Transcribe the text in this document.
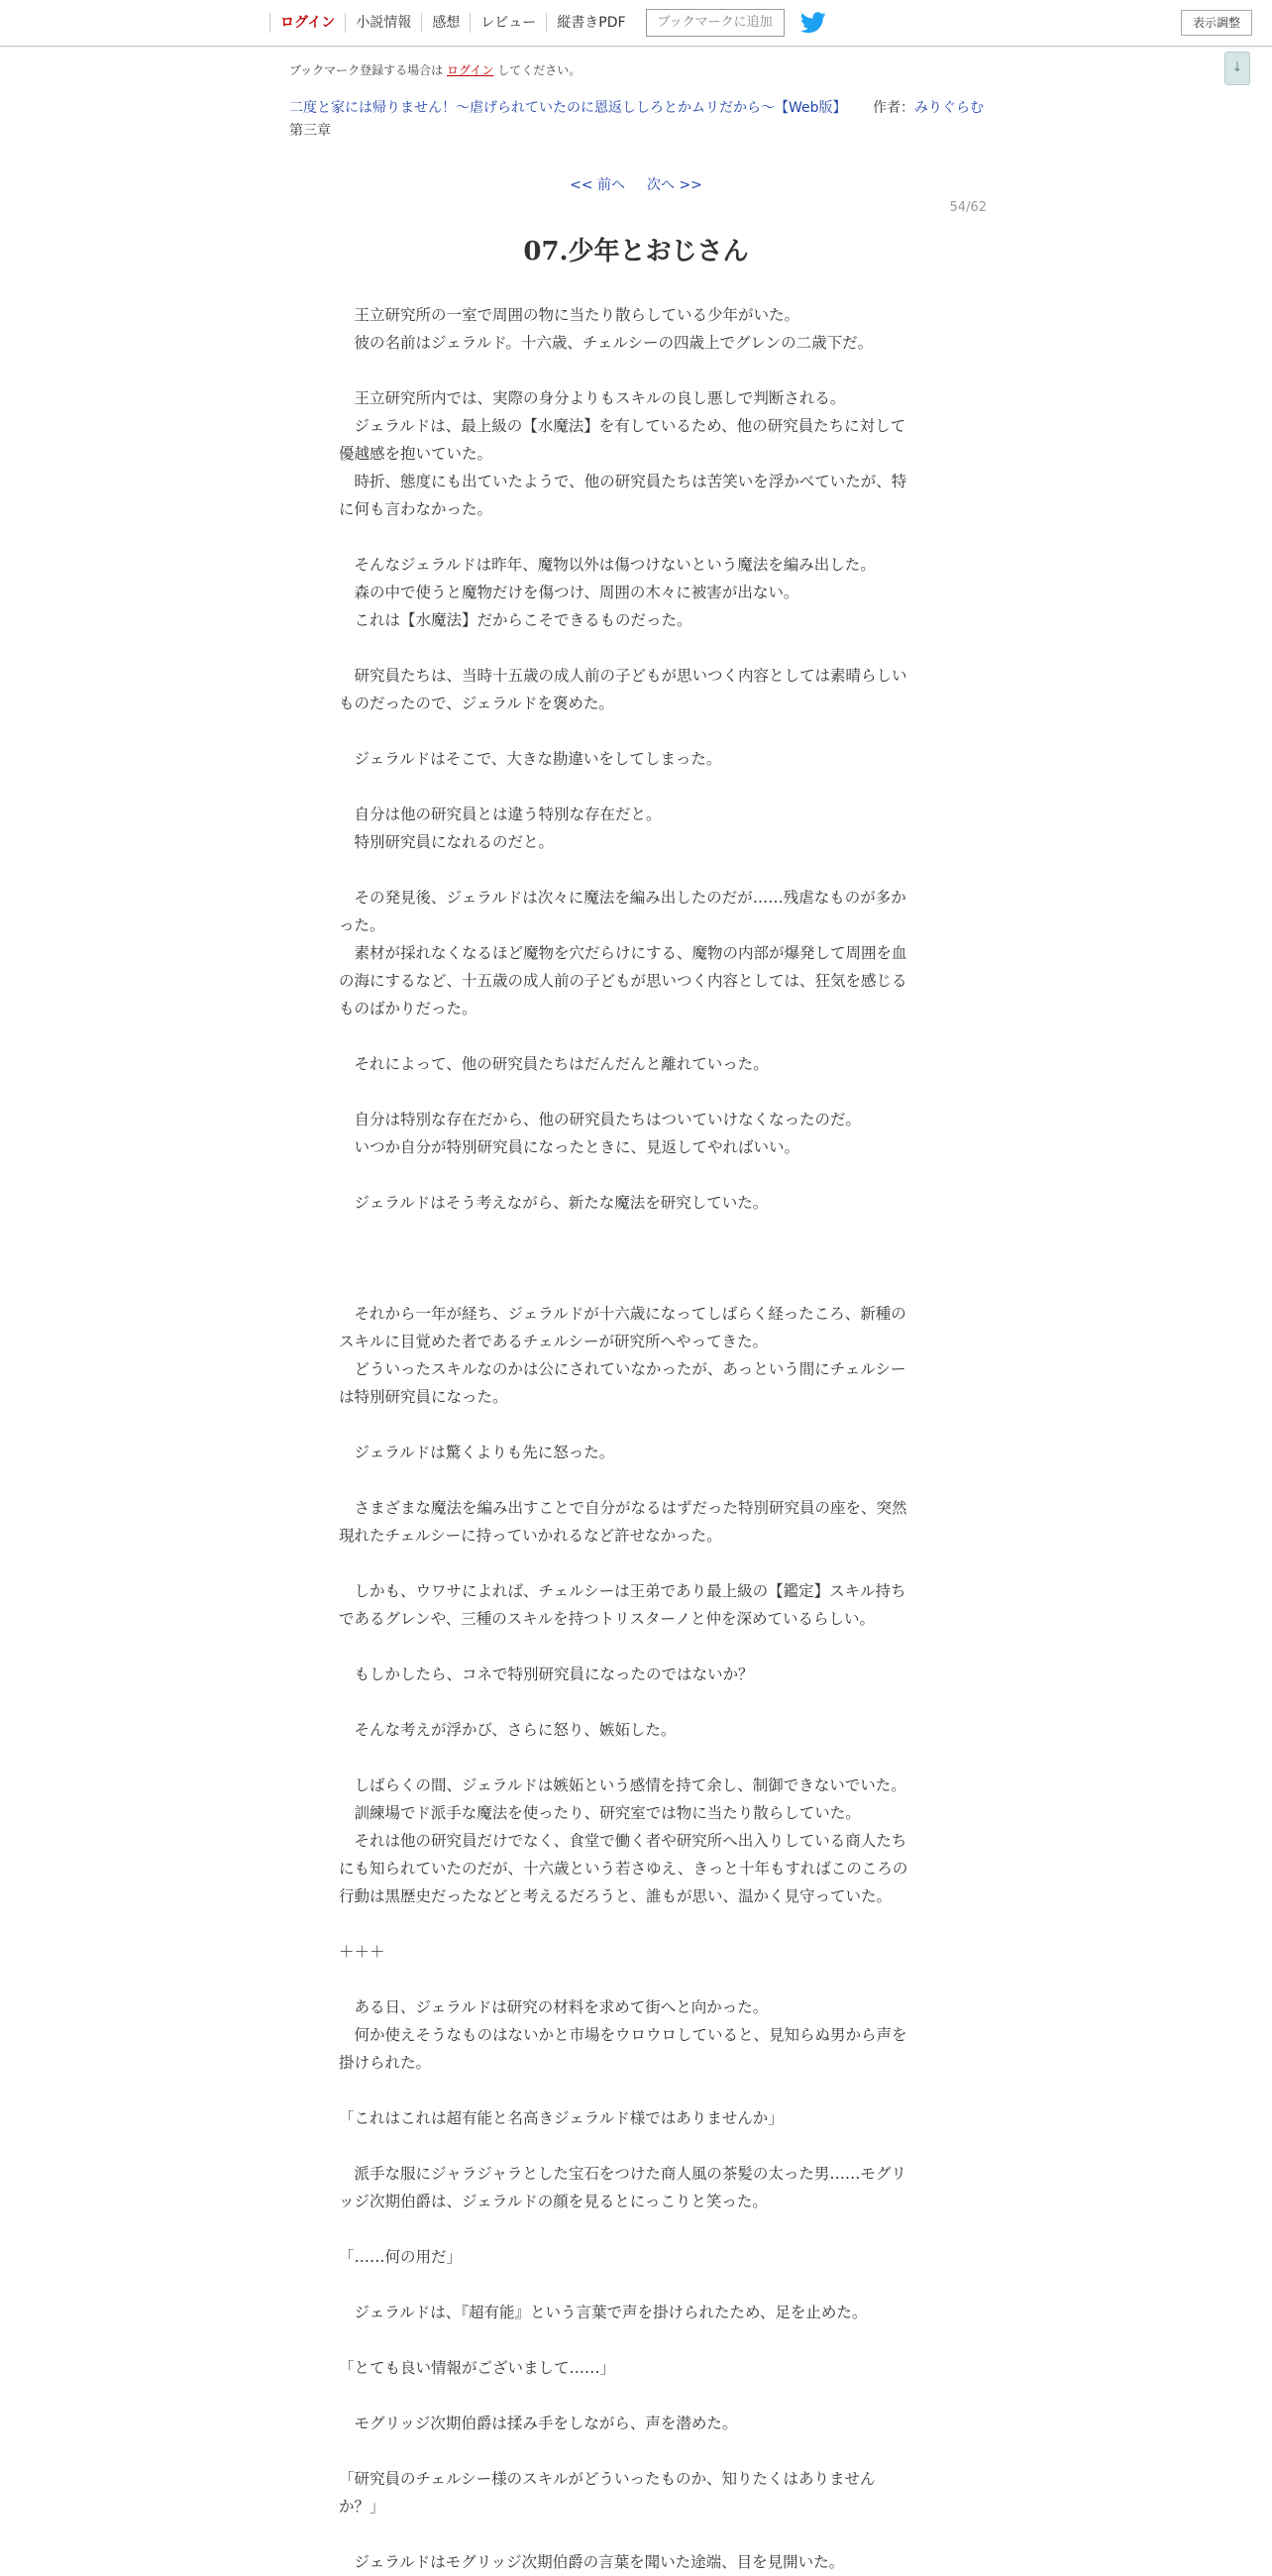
ログイン	小説情報	感想	レビュー	縦書きPDF	ブックマークに追加	表示調整
↓
ブックマーク登録する場合は ログイン してください。
二度と家には帰りません！～虐げられていたのに恩返ししろとかムリだから～【Web版】 作者：みりぐらむ
第三章
<< 前へ 次へ >>
54/62
07.少年とおじさん

　王立研究所の一室で周囲の物に当たり散らしている少年がいた。

　彼の名前はジェラルド。十六歳、チェルシーの四歳上でグレンの二歳下だ。

　王立研究所内では、実際の身分よりもスキルの良し悪しで判断される。

　ジェラルドは、最上級の【水魔法】を有しているため、他の研究員たちに対して

優越感を抱いていた。

　時折、態度にも出ていたようで、他の研究員たちは苦笑いを浮かべていたが、特

に何も言わなかった。

　そんなジェラルドは昨年、魔物以外は傷つけないという魔法を編み出した。

　森の中で使うと魔物だけを傷つけ、周囲の木々に被害が出ない。

　これは【水魔法】だからこそできるものだった。

　研究員たちは、当時十五歳の成人前の子どもが思いつく内容としては素晴らしい

ものだったので、ジェラルドを褒めた。

　ジェラルドはそこで、大きな勘違いをしてしまった。

　自分は他の研究員とは違う特別な存在だと。

　特別研究員になれるのだと。

　その発見後、ジェラルドは次々に魔法を編み出したのだが……残虐なものが多か

った。

　素材が採れなくなるほど魔物を穴だらけにする、魔物の内部が爆発して周囲を血

の海にするなど、十五歳の成人前の子どもが思いつく内容としては、狂気を感じる

ものばかりだった。

　それによって、他の研究員たちはだんだんと離れていった。

　自分は特別な存在だから、他の研究員たちはついていけなくなったのだ。

　いつか自分が特別研究員になったときに、見返してやればいい。

　ジェラルドはそう考えながら、新たな魔法を研究していた。

　それから一年が経ち、ジェラルドが十六歳になってしばらく経ったころ、新種の

スキルに目覚めた者であるチェルシーが研究所へやってきた。

　どういったスキルなのかは公にされていなかったが、あっという間にチェルシー

は特別研究員になった。

　ジェラルドは驚くよりも先に怒った。

　さまざまな魔法を編み出すことで自分がなるはずだった特別研究員の座を、突然

現れたチェルシーに持っていかれるなど許せなかった。

　しかも、ウワサによれば、チェルシーは王弟であり最上級の【鑑定】スキル持ち

であるグレンや、三種のスキルを持つトリスターノと仲を深めているらしい。

　もしかしたら、コネで特別研究員になったのではないか？

　そんな考えが浮かび、さらに怒り、嫉妬した。

　しばらくの間、ジェラルドは嫉妬という感情を持て余し、制御できないでいた。

　訓練場でド派手な魔法を使ったり、研究室では物に当たり散らしていた。

　それは他の研究員だけでなく、食堂で働く者や研究所へ出入りしている商人たち

にも知られていたのだが、十六歳という若さゆえ、きっと十年もすればこのころの

行動は黒歴史だったなどと考えるだろうと、誰もが思い、温かく見守っていた。

＋＋＋

　ある日、ジェラルドは研究の材料を求めて街へと向かった。

　何か使えそうなものはないかと市場をウロウロしていると、見知らぬ男から声を

掛けられた。

「これはこれは超有能と名高きジェラルド様ではありませんか」

　派手な服にジャラジャラとした宝石をつけた商人風の茶髪の太った男……モグリ

ッジ次期伯爵は、ジェラルドの顔を見るとにっこりと笑った。

「……何の用だ」

　ジェラルドは、『超有能』という言葉で声を掛けられたため、足を止めた。

「とても良い情報がございまして……」

　モグリッジ次期伯爵は揉み手をしながら、声を潜めた。

「研究員のチェルシー様のスキルがどういったものか、知りたくはありません

か？」

　ジェラルドはモグリッジ次期伯爵の言葉を聞いた途端、目を見開いた。
